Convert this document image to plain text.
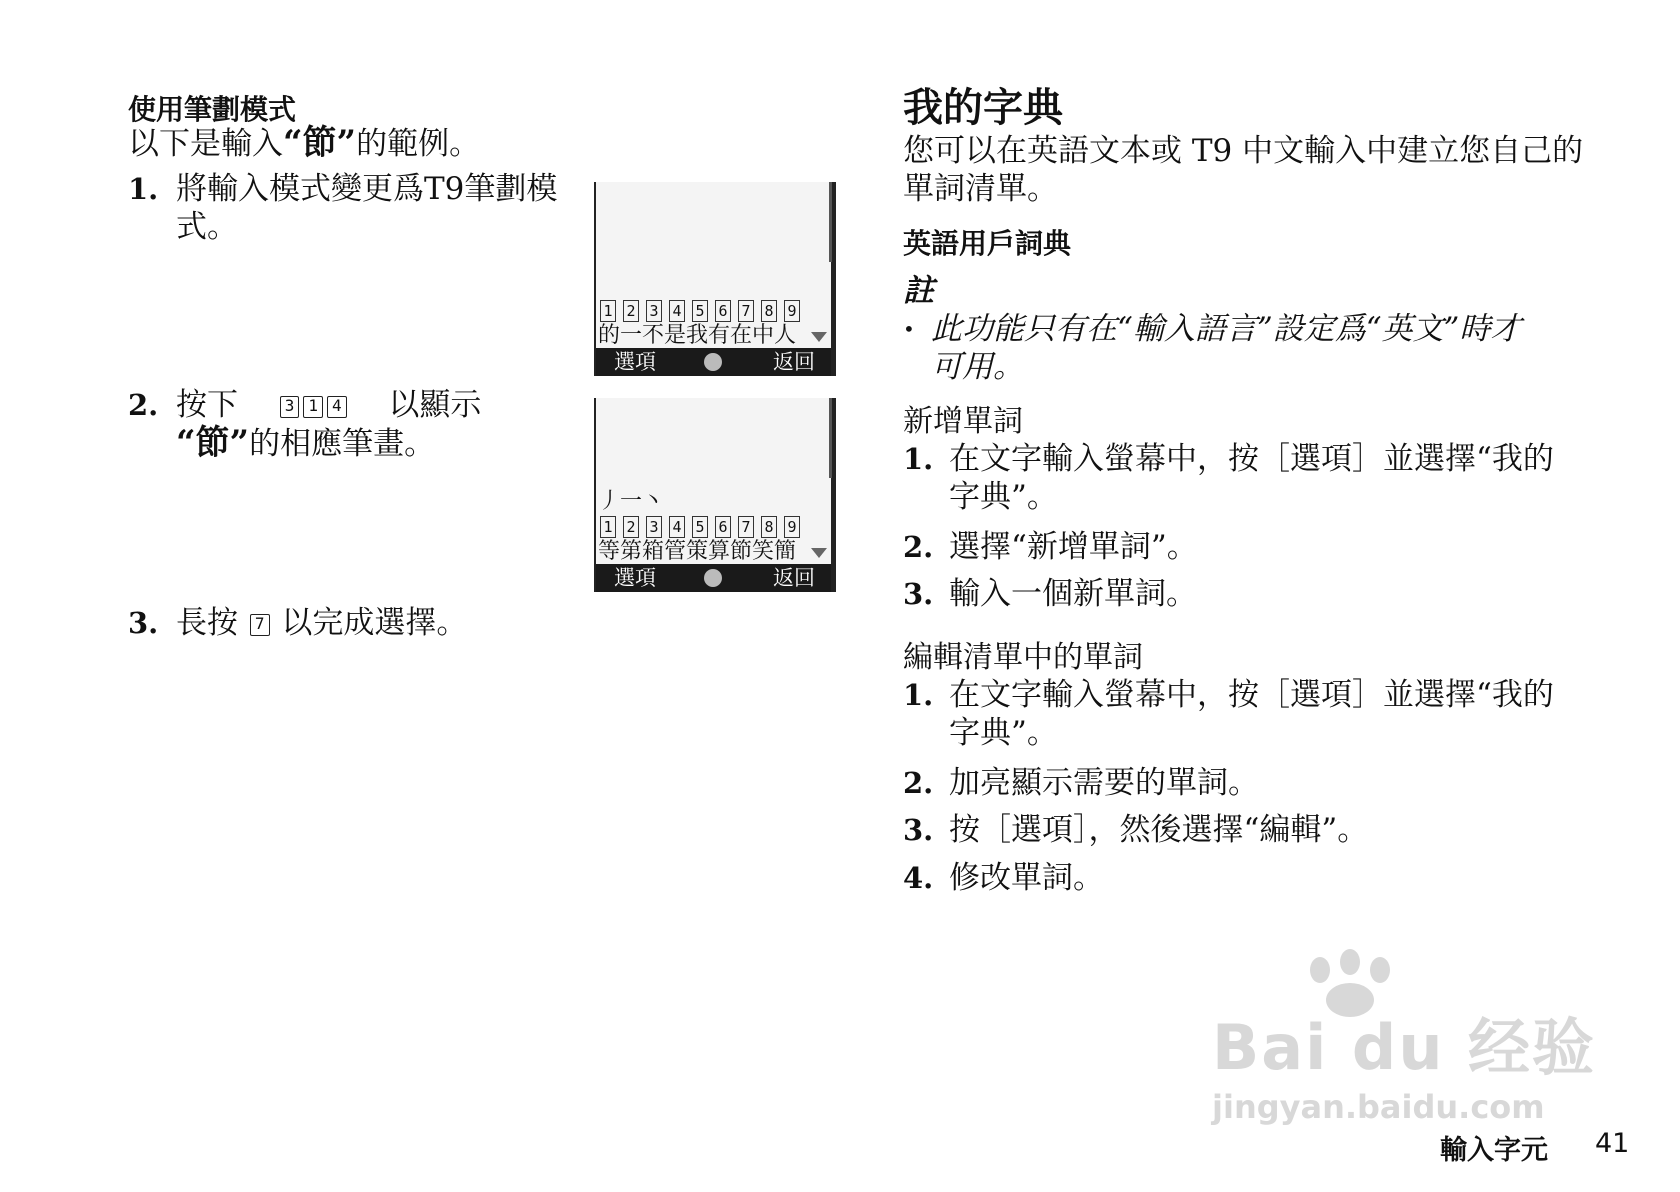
使用筆劃模式
以下是輸入“節”的範例。
1. 將輸入模式變更爲T9筆劃模
式。
2. 按下	3 1 4 以顯示
“節”的相應筆畫。
3. 長按 7 以完成選擇。
1 2 3 4 5 6 7 8 9
的一不是我有在中人
選項	返回
丿一丶
1 2 3 4 5 6 7 8 9
等第箱管策算節笑簡
選項	返回
我的字典
您可以在英語文本或 T9 中文輸入中建立您自己的
單詞清單。
英語用戶詞典
註
• 此功能只有在“輸入語言”設定爲“英文”時才
可用。
新增單詞
1. 在文字輸入螢幕中，按［選項］並選擇“我的
字典”。
2. 選擇“新增單詞”。
3. 輸入一個新單詞。
編輯清單中的單詞
1. 在文字輸入螢幕中，按［選項］並選擇“我的
字典”。
2. 加亮顯示需要的單詞。
3. 按［選項］，然後選擇“編輯”。
4. 修改單詞。
Bai du 经验
jingyan.baidu.com
輸入字元 41
